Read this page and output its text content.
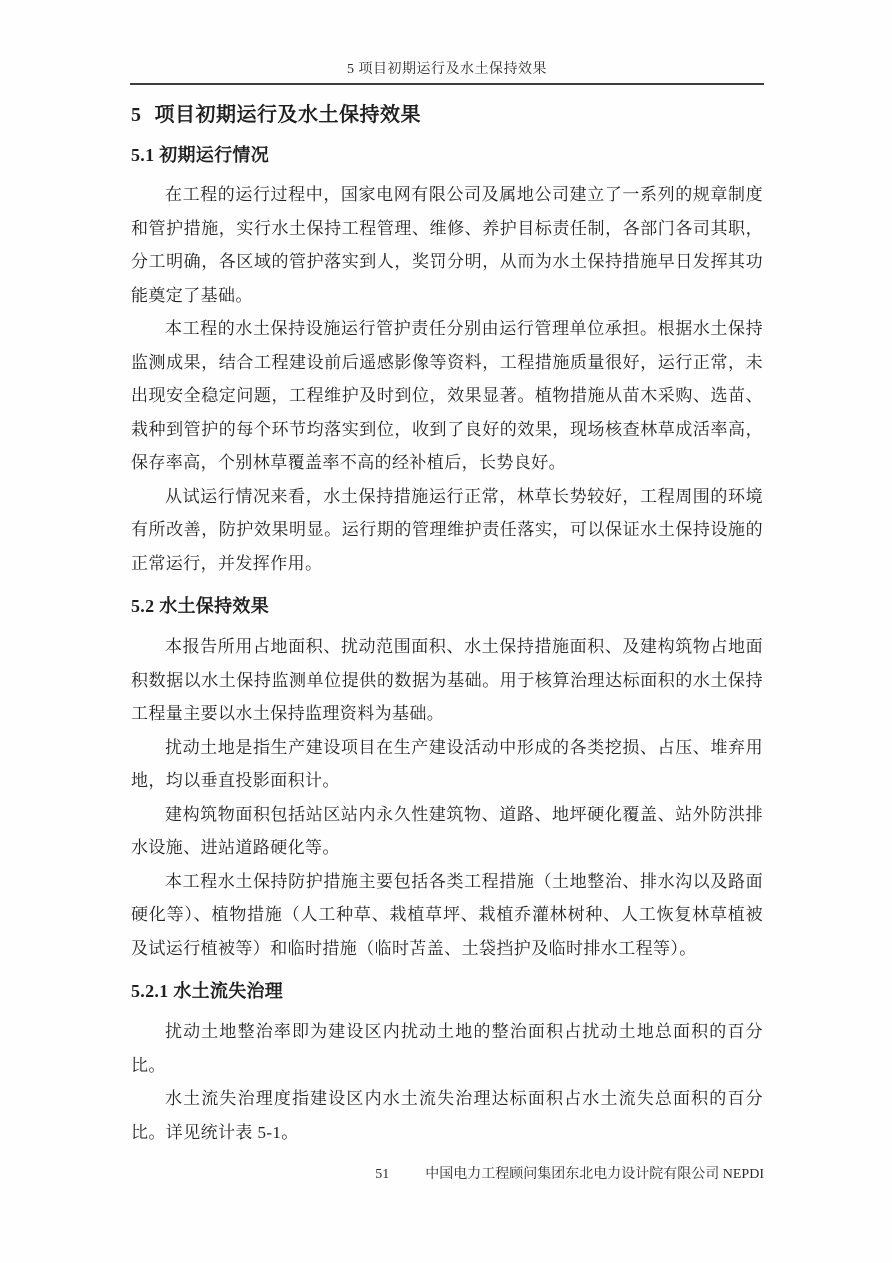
5 项目初期运行及水土保持效果
5 项目初期运行及水土保持效果
5.1 初期运行情况

在工程的运行过程中，国家电网有限公司及属地公司建立了一系列的规章制度和管护措施，实行水土保持工程管理、维修、养护目标责任制，各部门各司其职，分工明确，各区域的管护落实到人，奖罚分明，从而为水土保持措施早日发挥其功能奠定了基础。

本工程的水土保持设施运行管护责任分别由运行管理单位承担。根据水土保持监测成果，结合工程建设前后遥感影像等资料，工程措施质量很好，运行正常，未出现安全稳定问题，工程维护及时到位，效果显著。植物措施从苗木采购、选苗、栽种到管护的每个环节均落实到位，收到了良好的效果，现场核查林草成活率高，保存率高，个别林草覆盖率不高的经补植后，长势良好。

从试运行情况来看，水土保持措施运行正常，林草长势较好，工程周围的环境有所改善，防护效果明显。运行期的管理维护责任落实，可以保证水土保持设施的正常运行，并发挥作用。

5.2 水土保持效果

本报告所用占地面积、扰动范围面积、水土保持措施面积、及建构筑物占地面积数据以水土保持监测单位提供的数据为基础。用于核算治理达标面积的水土保持工程量主要以水土保持监理资料为基础。

扰动土地是指生产建设项目在生产建设活动中形成的各类挖损、占压、堆弃用地，均以垂直投影面积计。

建构筑物面积包括站区站内永久性建筑物、道路、地坪硬化覆盖、站外防洪排水设施、进站道路硬化等。

本工程水土保持防护措施主要包括各类工程措施（土地整治、排水沟以及路面硬化等）、植物措施（人工种草、栽植草坪、栽植乔灌林树种、人工恢复林草植被及试运行植被等）和临时措施（临时苫盖、土袋挡护及临时排水工程等）。

5.2.1 水土流失治理

扰动土地整治率即为建设区内扰动土地的整治面积占扰动土地总面积的百分比。

水土流失治理度指建设区内水土流失治理达标面积占水土流失总面积的百分比。详见统计表 5-1。

51	中国电力工程顾问集团东北电力设计院有限公司 NEPDI
